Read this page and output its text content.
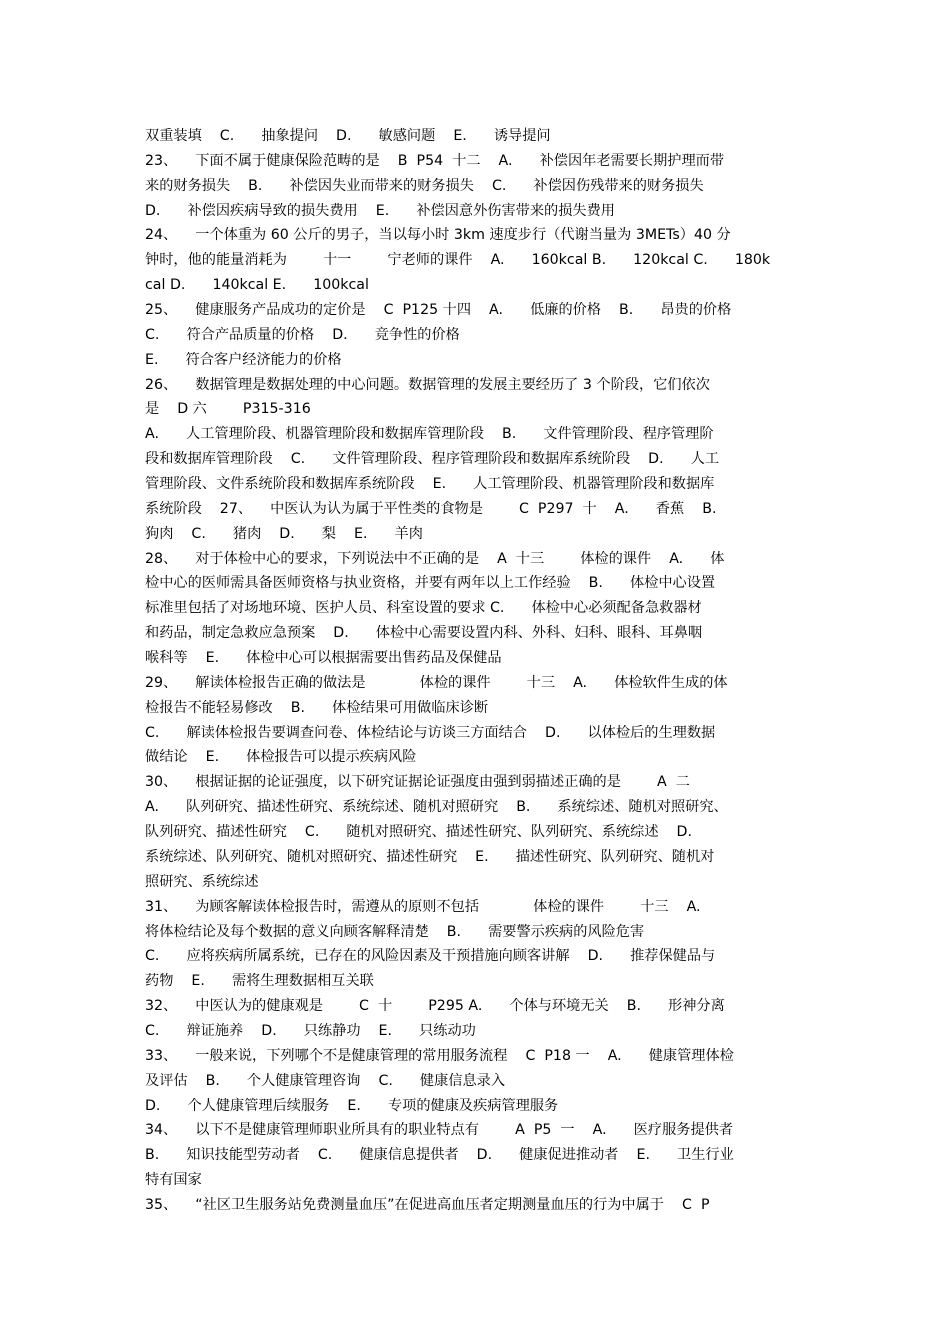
双重装填    C.      抽象提问    D.      敏感问题    E.      诱导提问
23、    下面不属于健康保险范畴的是    B  P54  十二    A.      补偿因年老需要长期护理而带
来的财务损失    B.      补偿因失业而带来的财务损失    C.      补偿因伤残带来的财务损失
D.      补偿因疾病导致的损失费用    E.      补偿因意外伤害带来的损失费用
24、    一个体重为 60 公斤的男子，当以每小时 3km 速度步行（代谢当量为 3METs）40 分
钟时，他的能量消耗为        十一        宁老师的课件    A.      160kcal B.      120kcal C.      180k
cal D.      140kcal E.      100kcal
25、    健康服务产品成功的定价是    C  P125 十四    A.      低廉的价格    B.      昂贵的价格
C.      符合产品质量的价格    D.      竞争性的价格
E.      符合客户经济能力的价格
26、    数据管理是数据处理的中心问题。数据管理的发展主要经历了 3 个阶段，它们依次
是    D 六        P315-316
A.      人工管理阶段、机器管理阶段和数据库管理阶段    B.      文件管理阶段、程序管理阶
段和数据库管理阶段    C.      文件管理阶段、程序管理阶段和数据库系统阶段    D.      人工
管理阶段、文件系统阶段和数据库系统阶段    E.      人工管理阶段、机器管理阶段和数据库
系统阶段    27、    中医认为认为属于平性类的食物是        C  P297  十    A.      香蕉    B.
狗肉    C.      猪肉    D.      梨    E.      羊肉
28、    对于体检中心的要求，下列说法中不正确的是    A  十三        体检的课件    A.      体
检中心的医师需具备医师资格与执业资格，并要有两年以上工作经验    B.      体检中心设置
标准里包括了对场地环境、医护人员、科室设置的要求 C.      体检中心必须配备急救器材
和药品，制定急救应急预案    D.      体检中心需要设置内科、外科、妇科、眼科、耳鼻咽
喉科等    E.      体检中心可以根据需要出售药品及保健品
29、    解读体检报告正确的做法是            体检的课件        十三    A.      体检软件生成的体
检报告不能轻易修改    B.      体检结果可用做临床诊断
C.      解读体检报告要调查问卷、体检结论与访谈三方面结合    D.      以体检后的生理数据
做结论    E.      体检报告可以提示疾病风险
30、    根据证据的论证强度，以下研究证据论证强度由强到弱描述正确的是        A  二
A.      队列研究、描述性研究、系统综述、随机对照研究    B.      系统综述、随机对照研究、
队列研究、描述性研究    C.      随机对照研究、描述性研究、队列研究、系统综述    D.
系统综述、队列研究、随机对照研究、描述性研究    E.      描述性研究、队列研究、随机对
照研究、系统综述
31、    为顾客解读体检报告时，需遵从的原则不包括            体检的课件        十三    A.
将体检结论及每个数据的意义向顾客解释清楚    B.      需要警示疾病的风险危害
C.      应将疾病所属系统，已存在的风险因素及干预措施向顾客讲解    D.      推荐保健品与
药物    E.      需将生理数据相互关联
32、    中医认为的健康观是        C  十        P295 A.      个体与环境无关    B.      形神分离
C.      辩证施养    D.      只练静功    E.      只练动功
33、    一般来说，下列哪个不是健康管理的常用服务流程    C  P18 一    A.      健康管理体检
及评估    B.      个人健康管理咨询    C.      健康信息录入
D.      个人健康管理后续服务    E.      专项的健康及疾病管理服务
34、    以下不是健康管理师职业所具有的职业特点有        A  P5  一    A.      医疗服务提供者
B.      知识技能型劳动者    C.      健康信息提供者    D.      健康促进推动者    E.      卫生行业
特有国家
35、    “社区卫生服务站免费测量血压”在促进高血压者定期测量血压的行为中属于    C  P
